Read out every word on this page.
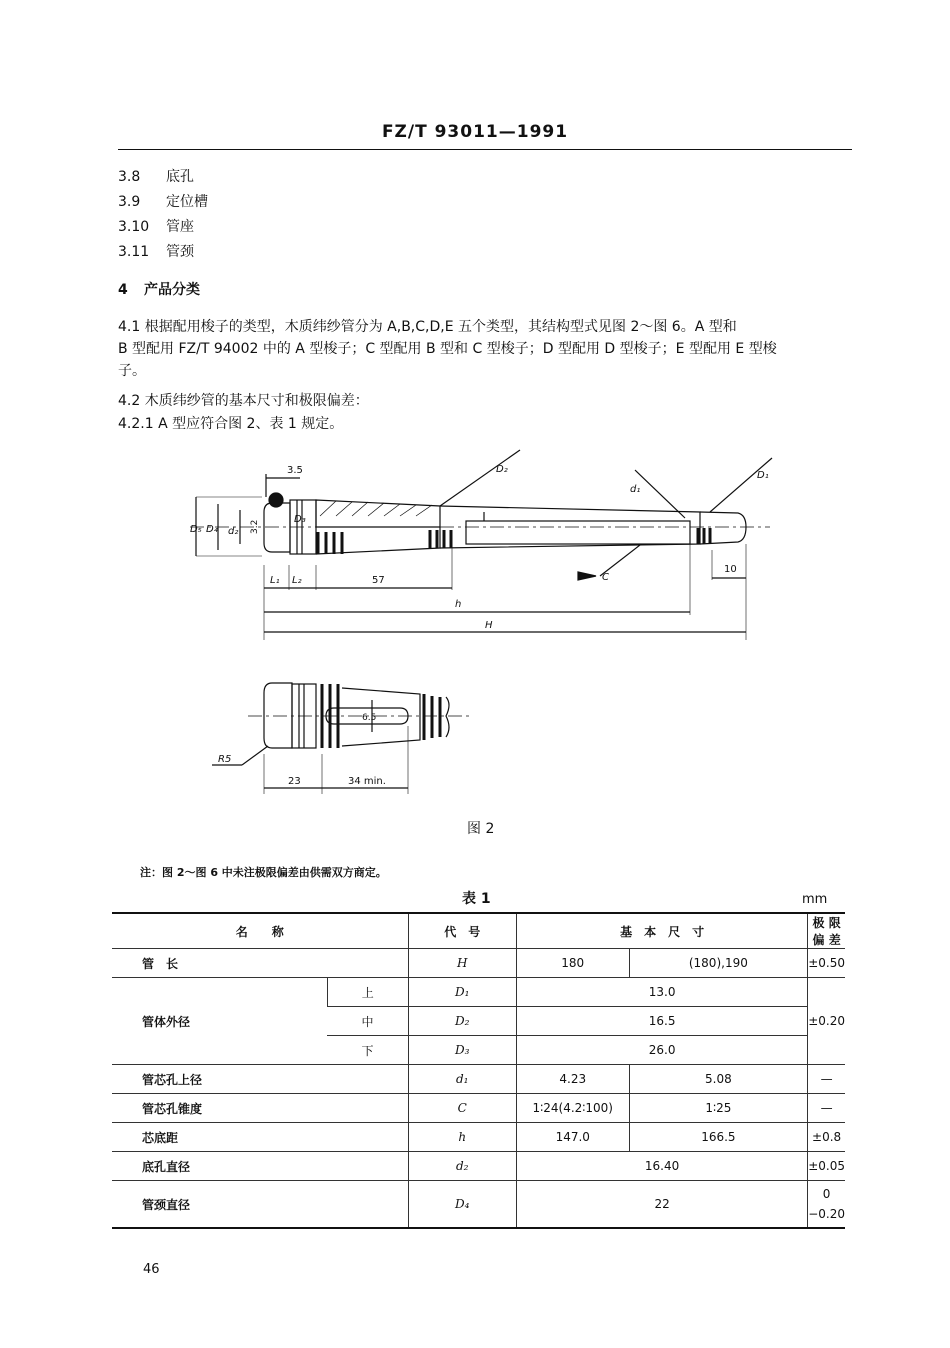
FZ/T 93011—1991
3.8 底孔
3.9 定位槽
3.10 管座
3.11 管颈
4 产品分类
4.1 根据配用梭子的类型，木质纬纱管分为 A,B,C,D,E 五个类型，其结构型式见图 2～图 6。A 型和
B 型配用 FZ/T 94002 中的 A 型梭子；C 型配用 B 型和 C 型梭子；D 型配用 D 型梭子；E 型配用 E 型梭
子。
4.2 木质纬纱管的基本尺寸和极限偏差：
4.2.1 A 型应符合图 2、表 1 规定。
3.5
3.2
57
10
L₁ L₂
h
H
C
D₅ D₄ d₂
D₃
D₂
d₁
D₁
6.5
23	34 min.
R5
图 2
注：图 2～图 6 中未注极限偏差由供需双方商定。
表 1	mm
名　　称		代　号	基　本　尺　寸		极 限 偏 差
管　长		H	180	(180),190	±0.50
管体外径	上	D₁	13.0		±0.20
	中	D₂	16.5		
	下	D₃	26.0		
管芯孔上径		d₁	4.23	5.08	—
管芯孔锥度		C	1∶24(4.2∶100)	1∶25	—
芯底距		h	147.0	166.5	±0.8
底孔直径		d₂	16.40		±0.05
管颈直径		D₄	22		0
−0.20
46
